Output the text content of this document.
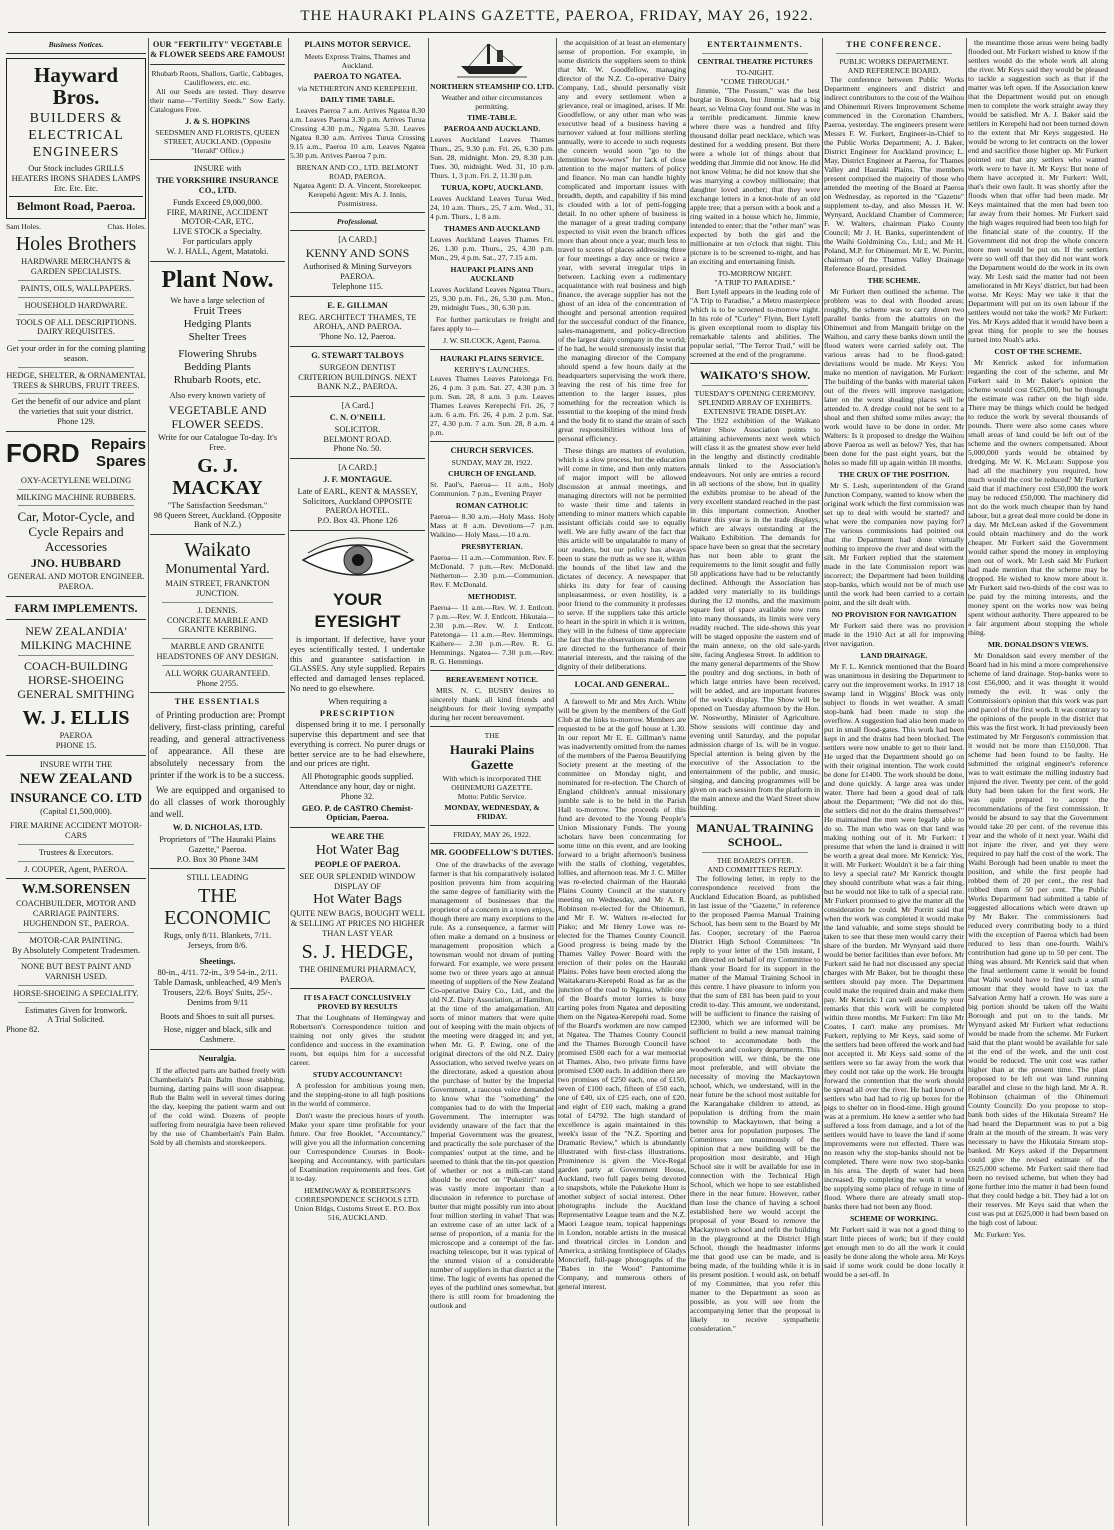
THE HAURAKI PLAINS GAZETTE, PAEROA, FRIDAY, MAY 26, 1922.
Business Notices.
Hayward Bros.
BUILDERS & ELECTRICAL ENGINEERS
Our Stock includes GRILLS HEATERS IRONS SHADES LAMPS Etc. Etc. Etc.
Belmont Road, Paeroa.
Sam Holes.	Chas. Holes.
Holes Brothers
HARDWARE MERCHANTS & GARDEN SPECIALISTS.
PAINTS, OILS, WALLPAPERS.
HOUSEHOLD HARDWARE.
TOOLS OF ALL DESCRIPTIONS. DAIRY REQUISITES.
Get your order in for the coming planting season.
HEDGE, SHELTER, & ORNAMENTAL TREES & SHRUBS, FRUIT TREES.
Get the benefit of our advice and plant the varieties that suit your district.
Phone 129.
FORD Repairs
Spares
OXY-ACETYLENE WELDING
MILKING MACHINE RUBBERS.
Car, Motor-Cycle, and Cycle Repairs and Accessories
JNO. HUBBARD
GENERAL AND MOTOR ENGINEER.
PAEROA.
FARM IMPLEMENTS.
NEW ZEALANDIA' MILKING MACHINE
COACH-BUILDING HORSE-SHOEING GENERAL SMITHING
W. J. ELLIS
PAEROA
PHONE 15.
INSURE WITH THE
NEW ZEALAND
INSURANCE CO. LTD
(Capital £1,500,000).
FIRE MARINE ACCIDENT MOTOR-CARS
Trustees & Executors.
J. COUPER, Agent, PAEROA.
W.M.SORENSEN
COACHBUILDER, MOTOR AND CARRIAGE PAINTERS. HUGHENDON ST., PAEROA.
MOTOR-CAR PAINTING.
By Absolutely Competent Tradesmen.
NONE BUT BEST PAINT AND VARNISH USED.
HORSE-SHOEING A SPECIALITY.
Estimates Given for Ironwork.
A Trial Solicited.
Phone 82.
OUR "FERTILITY" VEGETABLE & FLOWER SEEDS ARE FAMOUS!
Rhubarb Roots, Shallots, Garlic, Cabbages, Cauliflowers, etc. etc.

All our Seeds are tested. They deserve their name—"Fertility Seeds." Sow Early. Catalogues Free.

J. & S. HOPKINS
SEEDSMEN AND FLORISTS, QUEEN STREET, AUCKLAND. (Opposite "Herald" Office.)
INSURE with
THE YORKSHIRE INSURANCE CO., LTD.
Funds Exceed £9,000,000.
FIRE, MARINE, ACCIDENT MOTOR-CAR, ETC.
LIVE STOCK a Specialty.
For particulars apply
W. J. HALL, Agent, Matatoki.
Plant Now.
We have a large selection of
Fruit Trees
Hedging Plants
Shelter Trees
Flowering Shrubs
Bedding Plants
Rhubarb Roots, etc.
Also every known variety of
VEGETABLE AND FLOWER SEEDS.
Write for our Catalogue To-day. It's Free.
G. J. MACKAY
"The Satisfaction Seedsman."
98 Queen Street, Auckland. (Opposite Bank of N.Z.)
Waikato
Monumental Yard.
MAIN STREET, FRANKTON JUNCTION.
J. DENNIS.
CONCRETE MARBLE AND GRANITE KERBING.
MARBLE AND GRANITE HEADSTONES OF ANY DESIGN.
ALL WORK GUARANTEED.
Phone 2?55.
THE ESSENTIALS

of Printing production are: Prompt delivery, first-class printing, careful reading, and general attractiveness of appearance. All these are absolutely necessary from the printer if the work is to be a success.

We are equipped and organised to do all classes of work thoroughly and well.

W. D. NICHOLAS, LTD.
Proprietors of "The Hauraki Plains Gazette," Paeroa.
P.O. Box 30 Phone 34M
STILL LEADING
THE ECONOMIC
Rugs, only 8/11. Blankets, 7/11. Jerseys, from 8/6.
Sheetings.
80-in., 4/11. 72-in., 3/9 54-in., 2/11.
Table Damask, unbleached, 4/9 Men's Trousers, 22/6. Boys' Suits, 25/-. Denims from 9/11
Boots and Shoes to suit all purses.
Hose, nigger and black, silk and Cashmere.
Neuralgia.

If the affected parts are bathed freely with Chamberlain's Pain Balm those stabbing, burning, darting pains will soon disappear. Rub the Balm well in several times during the day, keeping the patient warm and out of the cold wind. Dozens of people suffering from neuralgia have been relieved by the use of Chamberlain's Pain Balm. Sold by all chemists and storekeepers.

PLAINS MOTOR SERVICE.
Meets Express Trains, Thames and Auckland.
PAEROA TO NGATEA.
via NETHERTON AND KEREPEEHI.
DAILY TIME TABLE.

Leaves Paeroa 7 a.m. Arrives Ngatea 8.30 a.m. Leaves Paeroa 3.30 p.m. Arrives Turua Crossing 4.30 p.m., Ngatea 5.30. Leaves Ngatea 8.30 a.m. Arrives Turua Crossing 9.15 a.m., Paeroa 10 a.m. Leaves Ngatea 5.30 p.m. Arrives Paeroa 7 p.m.

BRENAN AND CO., LTD. BELMONT ROAD, PAEROA.
Ngatea Agent: D. A. Vincent, Storekeeper.
Kerepehi Agent: Mrs A. J. Innis, Postmistress.
Professional.
[A CARD.]
KENNY AND SONS
Authorised & Mining Surveyors PAEROA.
Telephone 115.
E. E. GILLMAN
REG. ARCHITECT THAMES, TE AROHA, AND PAEROA.
'Phone No. 12, Paeroa.
G. STEWART TALBOYS
SURGEON DENTIST
CRITERION BUILDINGS. NEXT BANK N.Z., PAEROA.
[A Card.]
C. N. O'NEILL
SOLICITOR.
BELMONT ROAD.
Phone No. 50.
[A CARD.]
J. F. MONTAGUE.
Late of EARL, KENT & MASSEY, Solicitors, Auckland OPPOSITE PAEROA HOTEL.
P.O. Box 43. Phone 126
YOUR EYESIGHT

is important. If defective, have your eyes scientifically tested. I undertake this and guarantee satisfaction in GLASSES. Any style supplied. Repairs effected and damaged lenses replaced. No need to go elsewhere.

When requiring a
PRESCRIPTION

dispensed bring it to me. I personally supervise this department and see that everything is correct. No purer drugs or better service are to be had elsewhere, and our prices are right.

All Photographic goods supplied.
Attendance any hour, day or night. Phone 32.
GEO. P. de CASTRO Chemist-Optician, Paeroa.
WE ARE THE
Hot Water Bag
PEOPLE OF PAEROA.
SEE OUR SPLENDID WINDOW DISPLAY OF
Hot Water Bags
QUITE NEW BAGS, BOUGHT WELL & SELLING AT PRICES NO HIGHER THAN LAST YEAR
S. J. HEDGE,
THE OHINEMURI PHARMACY, PAEROA.
IT IS A FACT CONCLUSIVELY PROVED BY RESULTS

That the Loughnans of Hemingway and Robertson's Correspondence tuition and training not only gives the student confidence and success in the examination room, but equips him for a successful career.

STUDY ACCOUNTANCY!

A profession for ambitious young men, and the stepping-stone to all high positions in the world of commerce.

Don't waste the precious hours of youth. Make your spare time profitable for your future. Our free Booklet, "Accountancy," will give you all the information concerning our Correspondence Courses in Book-keeping and Accountancy, with particulars of Examination requirements and fees. Get it to-day.

HEMINGWAY & ROBERTSON'S CORRESPONDENCE SCHOOLS LTD.
Union Bldgs, Customs Street E. P.O. Box 516, AUCKLAND.
NORTHERN STEAMSHIP CO. LTD.
Weather and other circumstances permitting.
TIME-TABLE.
PAEROA AND AUCKLAND.

Leaves Auckland Leaves Thames Thurs., 25, 9.30 p.m. Fri. 26, 6.30 p.m. Sun. 28, midnight. Mon. 29, 8.30 p.m. Tues. 30, midnight. Wed. 31, 10 p.m. Thurs. 1, 3 p.m. Fri. 2, 11.30 p.m.

TURUA, KOPU, AUCKLAND.

Leaves Auckland Leaves Turua Wed., 24, 10 a.m. Thurs., 25, 7 a.m. Wed., 31, 4 p.m. Thurs., 1, 8 a.m.

THAMES AND AUCKLAND

Leaves Auckland Leaves Thames Fri. 26, 1.30 p.m. Thurs., 25, 4.30 p.m. Mon., 29, 4 p.m. Sat., 27, 7.15 a.m.

HAUPAKI PLAINS AND AUCKLAND

Leaves Auckland Leaves Ngatea Thurs., 25, 9.30 p.m. Fri., 26, 5.30 p.m. Mon., 29, midnight Tues., 30, 6.30 p.m.

For further particulars re freight and fares apply to—

J. W. SILCOCK, Agent, Paeroa.
HAURAKI PLAINS SERVICE.
KERBY'S LAUNCHES.

Leaves Thames Leaves Pateionga Fri. 26, 4 p.m. 3 p.m. Sat. 27, 4.30 p.m. 3 p.m. Sun. 28, 8 a.m. 3 p.m. Leaves Thames Leaves Kerepechi Fri. 26, 7 a.m. 6 a.m. Fri. 26, 4 p.m. 2 p.m. Sat. 27, 4.30 p.m. 7 a.m. Sun. 28, 8 a.m. 4 p.m.

CHURCH SERVICES.
SUNDAY, MAY 28, 1922.
CHURCH OF ENGLAND.

St. Paul's, Paeroa— 11 a.m., Holy Communion. 7 p.m., Evening Prayer

ROMAN CATHOLIC

Paeroa— 8.30 a.m.—Holy Mass. Holy Mass at 8 a.m. Devotions—7 p.m. Waikino— Holy Mass.—10 a.m.

PRESBYTERIAN.

Paeroa— 11 a.m.—Communion. Rev. F. McDonald. 7 p.m.—Rev. McDonald. Netherton— 2.30 p.m.—Communion. Rev. F. McDonald.

METHODIST.

Paeroa— 11 a.m.—Rev. W. J. Entlcott. 7 p.m.—Rev. W. J. Entlcott. Hikutaia— 2.30 p.m.—Rev. W. J. Entlcott. Patetonga— 11 a.m.—Rev. Hemmings. Kaihere— 2.30 p.m.—Rev. R. G. Hemmings. Ngatea— 7.30 p.m.—Rev. R. G. Hemmings.

BEREAVEMENT NOTICE.

MRS. N. C. BUSBY desires to sincerely thank all kind friends and neighbours for their loving sympathy during her recent bereavement.

THE
Hauraki Plains Gazette
With which is incorporated THE OHINEMURI GAZETTE.
Motto: Public Service.
MONDAY, WEDNESDAY, & FRIDAY.
FRIDAY, MAY 26, 1922.
MR. GOODFELLOW'S DUTIES.

One of the drawbacks of the average farmer is that his comparatively isolated position prevents him from acquiring the same degree of familiarity with the management of businesses that the proprietor of a concern in a town enjoys, though there are many exceptions to the rule. As a consequence, a farmer will often make a demand on a business or management proposition which a townsman would not dream of putting forward. For example, we were present some two or three years ago at annual meeting of suppliers of the New Zealand Co-operative Dairy Co., Ltd., and the old N.Z. Dairy Association, at Hamilton, at the time of the amalgamation. All sorts of minor matters that were quite out of keeping with the main objects of the meeting were dragged in; and yet, when Mr. G. P. Ewing, one of the original directors of the old N.Z. Dairy Association, who served twelve years on the directorate, asked a question about the purchase of butter by the Imperial Government, a raucous voice demanded to know what the "something" the companies had to do with the Imperial Government. The interrupter was evidently unaware of the fact that the Imperial Government was the greatest, and practically the sole purchaser of the companies' output at the time, and he seemed to think that the tin-pot question of whether or not a milk-can stand should be erected on "Pukeitiri" road was vastly more important than a discussion in reference to purchase of butter that might possibly run into about four million sterling in value! That was an extreme case of an utter lack of a sense of proportion, of a mania for the microscope and a contempt of the far-reaching telescope, but it was typical of the stunted vision of a considerable number of suppliers in that district at the time. The logic of events has opened the eyes of the purblind ones somewhat, but there is still room for broadening the outlook and

the acquisition of at least an elementary sense of proportion. For example, in some districts the suppliers seem to think that Mr. W. Goodfellow, managing director of the N.Z. Co-operative Dairy Company, Ltd., should personally visit any and every settlement when a grievance, real or imagined, arises. If Mr. Goodfellow, or any other man who was executive head of a business having a turnover valued at four millions sterling annually, were to accede to such requests the concern would soon "go to the demnition bow-wows" for lack of close attention to the major matters of policy and finance. No man can handle highly complicated and important issues with breadth, depth, and capability if his mind is clouded with a lot of petti-fogging detail. In no other sphere of business is the manager of a great trading company expected to visit even the branch offices more than about once a year, much less to travel to scores of places addressing three or four meetings a day once or twice a year, with several irregular trips in between. Lacking even a rudimentary acquaintance with real business and high finance, the average supplier has not the ghost of an idea of the concentration of thought and personal attention required for the successful conduct of the finance, sales-management, and policy-direction of the largest dairy company in the world; if he had, he would strenuously insist that the managing director of the Company should spend a few hours daily at the headquarters supervising the work there, leaving the rest of his time free for attention to the larger issues, plus something for the recreation which is essential to the keeping of the mind fresh and the body fit to stand the strain of such great responsibilities without loss of personal efficiency.

These things are matters of evolution, which is a slow process, but the education will come in time, and then only matters of major import will be allowed discussion at annual meetings, and managing directors will not be permitted to waste their time and talents in attending to minor matters which capable assistant officials could see to equally well. We are fully aware of the fact that this article will be unpalatable to many of our readers, but our policy has always been to state the truth as we see it, within the bounds of the libel law and the dictates of decency. A newspaper that shirks its duty for fear of causing unpleasantness, or even hostility, is a poor friend to the community it professes to serve. If the suppliers take this article to heart in the spirit in which it is written, they will in the fulness of time appreciate the fact that the observations made herein are directed to the furtherance of their material interests, and the raising of the dignity of their deliberations.

LOCAL AND GENERAL.

A farewell to Mr and Mrs Arch. White will be given by the members of the Golf Club at the links to-morrow. Members are requested to be at the golf house at 1.30. In our report Mr E. E. Gillman's name was inadvertently omitted from the names of the members of the Paeroa Beautifying Society present at the meeting of the committee on Monday night, and nominated for re-election. The Church of England children's annual missionary jumble sale is to be held in the Parish Hall to-morrow. The proceeds of this fund are devoted to the Young People's Union Missionary Funds. The young scholars have been concentrating for some time on this event, and are looking forward to a bright afternoon's business with the stalls of clothing, vegetables, lollies, and afternoon teas. Mr J. C. Miller was re-elected chairman of the Hauraki Plains County Council at the statutory meeting on Wednesday, and Mr A. R. Robinson re-elected for the Ohinemuri, and Mr F. W. Walters re-elected for Piako; and Mr Henry Lowe was re-elected for the Thames County Council. Good progress is being made by the Thames Valley Power Board with the erection of their poles on the Hauraki Plains. Poles have been erected along the Waitakaruru-Kerepehi Road as far as the junction of the road to Ngatea, while one of the Board's motor lorries is busy carting poles from Ngatea and depositing them on the Ngatea-Kerepehi road. Some of the Board's workmen are now camped at Ngatea. The Thames County Council and the Thames Borough Council have promised £500 each for a war memorial at Thames. Also, two private firms have promised £500 each. In addition there are two promises of £250 each, one of £150, seven of £100 each, fifteen of £50 each, one of £40, six of £25 each, one of £20, and eight of £10 each, making a grand total of £4792. The high standard of excellence is again maintained in this week's issue of the "N.Z. Sporting and Dramatic Review," which is abundantly illustrated with first-class illustrations. Prominence is given the Vice-Regal garden party at Government House, Auckland, two full pages being devoted to snapshots, while the Pukekohe Hunt is another subject of social interest. Other photographs include the Auckland Representative League team and the N.Z. Maori League team, topical happenings in London, notable artists in the musical and theatrical circles in London and America, a striking frontispiece of Gladys Moncrieff, full-page photographs of the "Babes in the Wood" Pantomime Company, and numerous others of general interest.

ENTERTAINMENTS.
CENTRAL THEATRE PICTURES
TO-NIGHT.
"COME THROUGH."

Jimmie, "The Possum," was the best burglar in Boston, but Jimmie had a big heart, so Velma Guy found out. She was in a terrible predicament. Jimmie knew where there was a hundred and fifty thousand dollar pearl necklace, which was destined for a wedding present. But there were a whole lot of things about that wedding that Jimmie did not know. He did not know Velma; he did not know that she was marrying a cowboy millionaire; that daughter loved another; that they were exchange letters in a knot-hole of an old apple tree; that a person with a book and a ring waited in a house which he, Jimmie, intended to enter; that the "other man" was expected by both the girl and the millionaire at ten o'clock that night. This picture is to be screened to-night, and has an exciting and entertaining finish.

TO-MORROW NIGHT.
"A TRIP TO PARADISE."

Bert Lytell appears in the leading role of "A Trip to Paradise," a Metro masterpiece which is to be screened to-morrow night. In his role of "Curley" Flynn, Bert Lytell is given exceptional room to display his remarkable talents and abilities. The popular serial, "The Terror Trail," will be screened at the end of the programme.

WAIKATO'S SHOW.
TUESDAY'S OPENING CEREMONY.
SPLENDID ARRAY OF EXHIBITS.
EXTENSIVE TRADE DISPLAY.

The 1922 exhibition of the Waikato Winter Show Association points to attaining achievements next week which will class it as the greatest show ever held in the lengthy and distinctly creditable annals linked to the Association's endeavours. Not only are entries a record in all sections of the show, but in quality the exhibits promise to be ahead of the very excellent standard reached in the past in this important connection. Another feature this year is in the trade displays, which are always outstanding at the Waikato Exhibition. The demands for space have been so great that the secretary has not been able to grant the requirements to the limit sought and fully 50 applications have had to be reluctantly declined. Although the Association has added very materially to its buildings during the 12 months, and the maximum square feet of space available now runs into many thousands, its limits were very readily reached. The side-shows this year will be staged opposite the eastern end of the main annexe, on the old sale-yards site, facing Anglesea Street. In addition to the many general departments of the Show the poultry and dog sections, in both of which large entries have been received, will be added, and are important features of the week's display. The Show will be opened on Tuesday afternoon by the Hon. W. Nosworthy, Minister of Agriculture. Show sessions will continue day and evening until Saturday, and the popular admission charge of 1s. will be in vogue. Special attention is being given by the executive of the Association to the entertainment of the public, and music, singing, and dancing programmes will be given on each session from the platform in the main annexe and the Ward Street show building.

MANUAL TRAINING SCHOOL.
THE BOARD'S OFFER.
AND COMMITTEE'S REPLY.

The following letter, in reply to the correspondence received from the Auckland Education Board, as published in last issue of the "Gazette," in reference to the proposed Paeroa Manual Training School, has been sent to the Board by Mr Jas. Cooper, secretary of the Paeroa District High School Committees: "In reply to your letter of the 15th instant, I am directed on behalf of my Committee to thank your Board for its support in the matter of the Manual Training School in this centre. I have pleasure to inform you that the sum of £81 has been paid to your credit to-day. This amount, we understand, will be sufficient to finance the raising of £2300, which we are informed will be sufficient to build a new manual training school to accommodate both the woodwork and cookery departments. This proposition will, we think, be the one most preferable, and will obviate the necessity of moving the Mackaytown school, which, we understand, will in the near future be the school most suitable for the Karangahake children to attend, as population is drifting from the main township to Mackaytown, that being a better area for population purposes. The Committees are unanimously of the opinion that a new building will be the proposition most desirable, and High School site it will be available for use in connection with the Technical High School, which we hope to see established there in the near future. However, rather than lose the chance of having a school established here we would accept the proposal of your Board to remove the Mackaytown school and refit the building in the playground at the District High School, though the headmaster informs me that good use can be made, and is being made, of the building while it is in its present position. I would ask, on behalf of my Committee, that you refer this matter to the Department as soon as possible, as you will see from the accompanying letter that the proposal is likely to receive sympathetic consideration."

THE CONFERENCE.
PUBLIC WORKS DEPARTMENT.
AND REFERENCE BOARD.

The conference between Public Works Department engineers and district and indirect contributors to the cost of the Waihou and Ohinemuri Rivers Improvement Scheme commenced in the Coronation Chambers, Paeroa, yesterday. The engineers present were Messrs F. W. Furkert, Engineer-in-Chief to the Public Works Department; A. J. Baker, District Engineer for Auckland province; L. May, District Engineer at Paeroa, for Thames Valley and Hauraki Plains. The members present comprised the majority of those who attended the meeting of the Board at Paeroa on Wednesday, as reported in the "Gazette" supplement to-day, and also Messrs H. W. Wynyard, Auckland Chamber of Commerce; F. W. Walters, chairman Piako County Council; Mr J. H. Banks, superintendent of the Waihi Goldmining Co., Ltd.; and Mr H. Poland, M.P. for Ohinemuri. Mr E. W. Porritt, chairman of the Thames Valley Drainage Reference Board, presided.

THE SCHEME.

Mr Furkert then outlined the scheme. The problem was to deal with flooded areas; roughly, the scheme was to carry down two parallel banks from the abattoirs on the Ohinemuri and from Mangaiti bridge on the Waihou, and carry these banks down until the flood waters were carried safely out. The various areas had to be flood-gated; deviations would be made. Mr Keys: You make no mention of navigation. Mr Furkert: The building of the banks with material taken out of the rivers will improve navigation; later on the worst shoaling places will be attended to. A dredge could not be sent to a shoal and then shifted some miles away; the work would have to be done in order. Mr Walters: Is it proposed to dredge the Waihou above Paeroa as well as below? Yes, that has been done for the past eight years, but the holes so made fill up again within 18 months.

THE CRUX OF THE POSITION.

Mr S. Lesh, superintendent of the Grand Junction Company, wanted to know when the original work which the first commission was set up to deal with would be started? and what were the companies now paying for? The various commissions had pointed out that the Department had done virtually nothing to improve the river and deal with the silt. Mr Furkert replied that the statement made in the late Commission report was incorrect; the Department had been building stop-banks, which would not be of much use until the work had been carried to a certain point, and the silt dealt with.

NO PROVISION FOR NAVIGATION

Mr Furkert said there was no provision made in the 1910 Act at all for improving river navigation.

LAND DRAINAGE.

Mr F. L. Kenrick mentioned that the Board was unanimous in desiring the Department to carry out the improvement works. In 1917 18 swamp land in Wiggins' Block was only subject to floods in wet weather. A small stop-bank had been made to stop the overflow. A suggestion had also been made to put in small flood-gates. This work had been kept in and the drains had been blocked. The settlers were now unable to get to their land. He urged that the Department should go on with their original intention. The work could be done for £1400. The work should be done, and done quickly. A large area was under water. There had been a good deal of talk about the Department; "We did not do this, the settlers did not do the drains themselves!" He maintained the men were legally able to do so. The man who was on that land was making nothing out of it. Mr Furkert: I presume that when the land is drained it will be worth a great deal more. Mr Kenrick: Yes, it will. Mr Furkert: Wouldn't it be a fair thing to levy a special rate? Mr Kenrick thought they should contribute what was a fair thing, but he would not like to talk of a special rate. Mr Furkert promised to give the matter all the consideration he could. Mr Porritt said that when the work was completed it would make the land valuable, and some steps should be taken to see that these men would carry their share of the burden. Mr Wynyard said there would be better facilities than ever before. Mr Furkert said he had not discussed any special charges with Mr Baker, but he thought these settlers should pay more. The Department could make the required drain and make them pay. Mr Kenrick: I can well assume by your remarks that this work will be completed within three months. Mr Furkert: I'm like Mr Coates, I can't make any promises. Mr Furkert, replying to Mr Keys, said some of the settlers had been offered the work and had not accepted it. Mr Keys said some of the settlers were so far away from the work that they could not take up the work. He brought forward the contention that the work should be spread all over the river. He had known of settlers who had had to rig up boxes for the pigs to shelter on in flood-time. High ground was at a premium. He knew a settler who had suffered a loss from damage, and a lot of the settlers would have to leave the land if some improvements were not effected. There was no reason why the stop-banks should not be completed. There were now two stop-banks in his area. The depth of water had been increased. By completing the work it would be supplying some place of refuge in time of flood. Where there are already small stop-banks there had not been any flood.

SCHEME OF WORKING.

Mr Furkert said it was not a good thing to start little pieces of work; but if they could get enough men to do all the work it could easily be done along the whole area. Mr Keys said if some work could be done locally it would be a set-off. In

the meantime those areas were being badly flooded out. Mr Furkert wished to know if the settlers would do the whole work all along the river. Mr Keys said they would be pleased to tackle a suggestion such as that if the matter was left open. If the Association knew that the Department would put on enough men to complete the work straight away they would be satisfied. Mr A. J. Baker said the settlers in Kerepehi had not been turned down to the extent that Mr Keys suggested. He would be wrong to let contracts on the lower end and sacrifice those higher up. Mr Furkert pointed out that any settlers who wanted work were to have it. Mr Keys: But none of them have accepted it. Mr Furkert: Well, that's their own fault. It was shortly after the floods when that offer had been made. Mr Keys maintained that the men had been too far away from their homes. Mr Furkert said the high wages required had been too high for the financial state of the country. If the Government did not drop the whole concern more men would be put on. If the settlers were so well off that they did not want work the Department would do the work in its own way. Mr Lesh said the matter had not been ameliorated in Mr Keys' district, but had been worse. Mr Keys: May we take it that the Department will put on its own labour if the settlers would not take the work? Mr Furkert: Yes. Mr Keys added that it would have been a great thing for people to see the houses turned into Noah's arks.

COST OF THE SCHEME.

Mr Kenrick asked for information regarding the cost of the scheme, and Mr Furkert said in Mr Baker's opinion the scheme would cost £625,000, but he thought the estimate was rather on the high side. There may be things which could be hedged to reduce the work by several thousands of pounds. There were also some cases where small areas of land could be left out of the scheme and the owners compensated. About 5,000,000 yards would be obtained by dredging. Mr W. K. McLean: Suppose you had all the machinery you required, how much would the cost be reduced? Mr Furkert said that if machinery cost £50,000 the work may be reduced £50,000. The machinery did not do the work much cheaper than by hand labour, but a great deal more could be done in a day. Mr McLean asked if the Government could obtain machinery and do the work cheaper. Mr Furkert said the Government would rather spend the money in employing men out of work. Mr Lesh said Mr Furkert had made mention that the scheme may be dropped. He wished to know more about it. Mr Furkert said two-thirds of the cost was to be paid by the mining interests, and the money spent on the works now was being spent without authority. There appeared to be a fair argument about stopping the whole thing.

MR. DONALDSON'S VIEWS.

Mr Donaldson said every member of the Board had in his mind a more comprehensive scheme of land drainage. Stop-banks were to cost £56,000, and it was thought it would remedy the evil. It was only the Commission's opinion that this work was part and parcel of the first work. It was contrary to the opinions of the people in the district that this was the first work. It had previously been estimated by Mr Ferguson's commission that it would not be more than £150,000. That scheme had been found to be faulty. He submitted the original engineer's reference was to wait estimate the milling industry had injured the river. Twenty per cent. of the gold duty had been taken for the first work. He was quite prepared to accept the recommendations of the first commission. It would be absurd to say that the Government would take 20 per cent. of the revenue this year and the whole of it next year. Waihi did not injure the river, and yet they were required to pay half the cost of the work. The Waihi Borough had been unable to meet the position, and while the first people had robbed them of 20 per cent., the rest had robbed them of 50 per cent. The Public Works Department had submitted a table of suggested allocations which were drawn up by Mr Baker. The commissioners had reduced every contributing body to a third with the exception of Paeroa which had been reduced to less than one-fourth. Waihi's contribution had gone up to 50 per cent. The thing was absurd. Mr Kenrick said that when the final settlement came it would be found that Waihi would have to find such a small amount that they would have to tax the Salvation Army half a crown. He was sure a big portion should be taken off the Waihi Borough and put on to the lands. Mr Wynyard asked Mr Furkert what reductions would be made from the scheme. Mr Furkert said that the plant would be available for sale at the end of the work, and the unit cost would be reduced. The unit cost was rather higher than at the present time. The plant proposed to be left out was land running parallel and close to the high land. Mr A. R. Robinson (chairman of the Ohinemuri County Council): Do you propose to stop-bank both sides of the Hikutaia Stream? He had heard the Department was to put a big drain at the mouth of the stream. It was very necessary to have the Hikutaia Stream stop-banked. Mr Keys asked if the Department could give the revised estimate of the £625,000 scheme. Mr Furkert said there had been no revised scheme, but when they had gone further into the matter it had been found that they could hedge a bit. They had a lot on their reserves. Mr Keys said that when the cost was put at £625,000 it had been based on the high cost of labour.

Mr. Furkert: Yes.
